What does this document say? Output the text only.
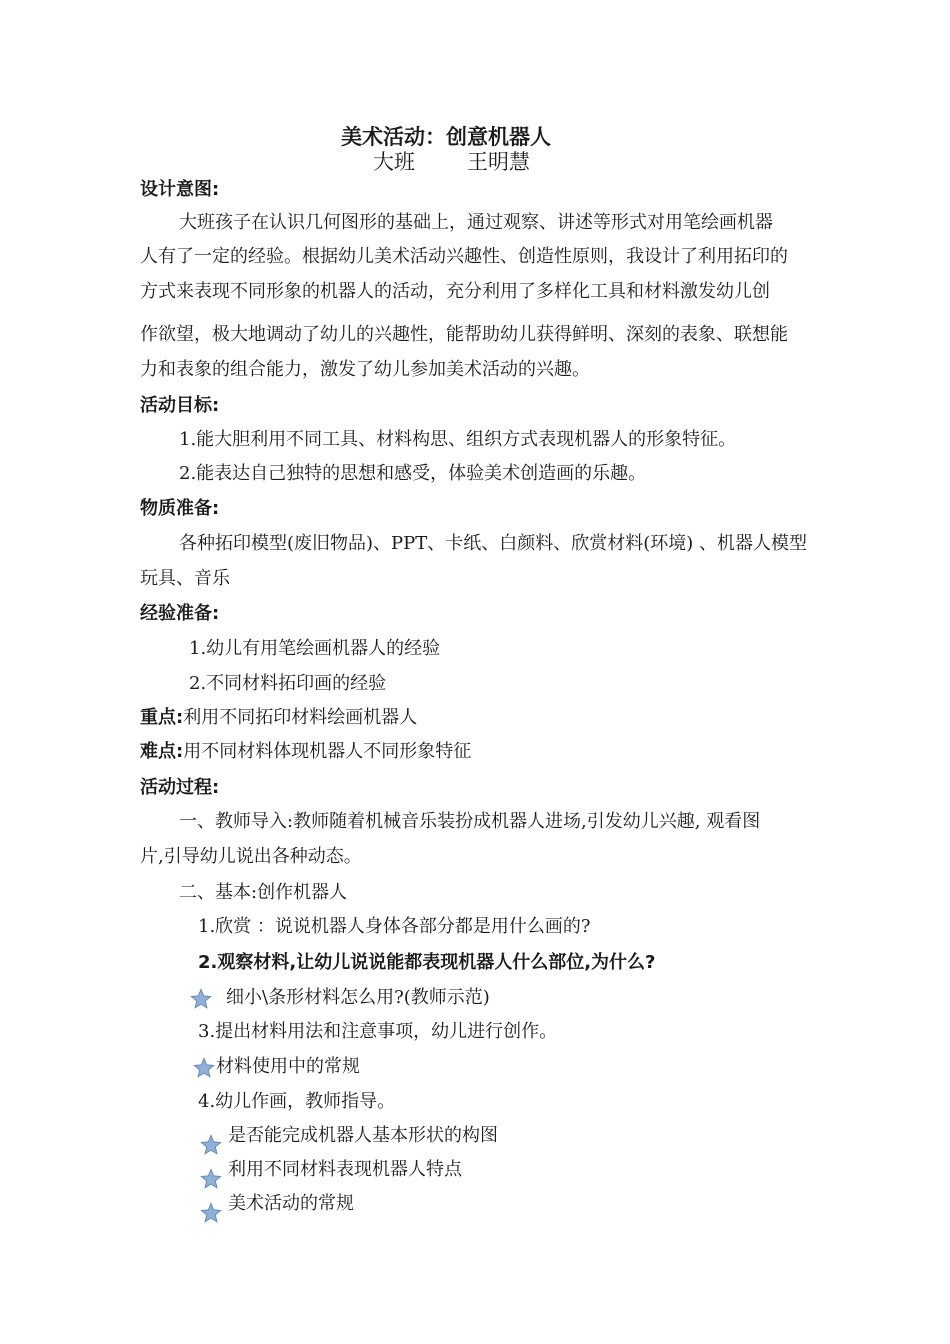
美术活动：创意机器人
大班 王明慧
设计意图:
大班孩子在认识几何图形的基础上，通过观察、讲述等形式对用笔绘画机器
人有了一定的经验。根据幼儿美术活动兴趣性、创造性原则，我设计了利用拓印的
方式来表现不同形象的机器人的活动，充分利用了多样化工具和材料激发幼儿创
作欲望，极大地调动了幼儿的兴趣性，能帮助幼儿获得鲜明、深刻的表象、联想能
力和表象的组合能力，激发了幼儿参加美术活动的兴趣。
活动目标:
1.能大胆利用不同工具、材料构思、组织方式表现机器人的形象特征。
2.能表达自己独特的思想和感受，体验美术创造画的乐趣。
物质准备:
各种拓印模型(废旧物品)、PPT、卡纸、白颜料、欣赏材料(环境) 、机器人模型
玩具、音乐
经验准备:
1.幼儿有用笔绘画机器人的经验
2.不同材料拓印画的经验
重点:利用不同拓印材料绘画机器人
难点:用不同材料体现机器人不同形象特征
活动过程:
一、教师导入:教师随着机械音乐装扮成机器人进场,引发幼儿兴趣, 观看图
片,引导幼儿说出各种动态。
二、基本:创作机器人
1.欣赏 ：说说机器人身体各部分都是用什么画的?
2.观察材料,让幼儿说说能都表现机器人什么部位,为什么?
细小\条形材料怎么用?(教师示范)
3.提出材料用法和注意事项，幼儿进行创作。
材料使用中的常规
4.幼儿作画，教师指导。
是否能完成机器人基本形状的构图
利用不同材料表现机器人特点
美术活动的常规
